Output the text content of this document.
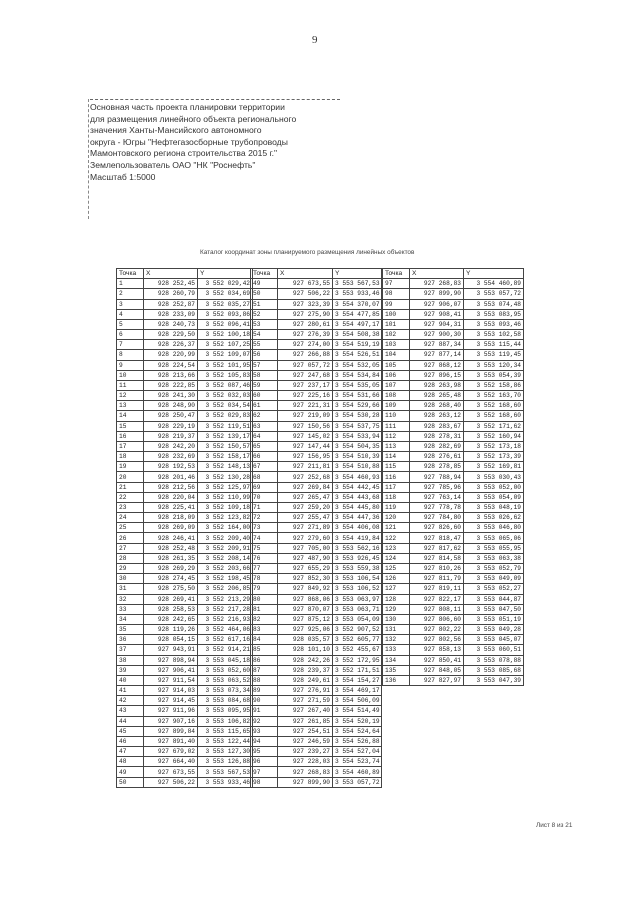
9
Основная часть проекта планировки территории
для размещения линейного объекта регионального
значения Ханты-Мансийского автономного
округа - Югры "Нефтегазосборные трубопроводы
Мамонтовского региона строительства 2015 г."
Землепользователь ОАО "НК "Роснефть"
Масштаб 1:5000
Каталог координат зоны планируемого размещения линейных объектов
Точка	X	Y
1	928 252,45	3 552 029,42
2	928 260,79	3 552 034,69
3	928 252,87	3 552 035,27
4	928 233,09	3 552 093,86
5	928 240,73	3 552 096,41
6	928 229,50	3 552 100,18
7	928 226,37	3 552 107,25
8	928 220,99	3 552 109,07
9	928 224,54	3 552 101,95
10	928 213,66	3 552 105,83
11	928 222,85	3 552 087,46
12	928 241,30	3 552 032,03
13	928 248,90	3 552 034,54
14	928 250,47	3 552 029,83
15	928 229,19	3 552 119,51
16	928 219,37	3 552 139,17
17	928 242,20	3 552 150,57
18	928 232,69	3 552 158,17
19	928 192,53	3 552 148,13
20	928 201,46	3 552 130,28
21	928 212,56	3 552 125,97
22	928 220,04	3 552 110,99
23	928 225,41	3 552 109,18
24	928 218,09	3 552 123,82
25	928 269,09	3 552 164,00
26	928 246,41	3 552 209,40
27	928 252,48	3 552 209,91
28	928 261,35	3 552 208,14
29	928 269,29	3 552 203,66
30	928 274,45	3 552 198,45
31	928 275,50	3 552 206,85
32	928 269,41	3 552 213,29
33	928 258,53	3 552 217,28
34	928 242,65	3 552 216,93
35	928 119,26	3 552 464,06
36	928 054,15	3 552 617,16
37	927 943,91	3 552 914,21
38	927 898,94	3 553 045,18
39	927 906,41	3 553 052,60
40	927 911,54	3 553 063,52
41	927 914,03	3 553 073,34
42	927 914,45	3 553 084,68
43	927 911,96	3 553 095,95
44	927 907,16	3 553 106,82
45	927 899,84	3 553 115,65
46	927 891,40	3 553 122,44
47	927 679,02	3 553 127,30
48	927 664,40	3 553 126,88
49	927 673,55	3 553 567,53
50	927 506,22	3 553 933,46
Точка	X	Y
49	927 673,55	3 553 567,53
50	927 506,22	3 553 933,46
51	927 323,39	3 554 370,07
52	927 275,90	3 554 477,85
53	927 280,61	3 554 497,17
54	927 276,39	3 554 508,38
55	927 274,00	3 554 519,19
56	927 266,88	3 554 526,51
57	927 057,72	3 554 532,05
58	927 247,68	3 554 534,84
59	927 237,17	3 554 535,05
60	927 225,16	3 554 531,66
61	927 221,31	3 554 529,66
62	927 219,09	3 554 530,28
63	927 150,56	3 554 537,75
64	927 145,02	3 554 533,94
65	927 147,44	3 554 504,35
66	927 156,95	3 554 510,39
67	927 211,81	3 554 510,88
68	927 252,68	3 554 460,93
69	927 269,84	3 554 442,45
70	927 265,47	3 554 443,68
71	927 259,20	3 554 445,80
72	927 255,47	3 554 447,36
73	927 271,89	3 554 406,08
74	927 279,60	3 554 419,84
75	927 705,00	3 553 562,16
76	927 487,90	3 553 926,45
77	927 655,29	3 553 559,38
78	927 852,30	3 553 106,54
79	927 849,92	3 553 106,52
80	927 868,06	3 553 063,97
81	927 870,07	3 553 063,71
82	927 875,12	3 553 054,09
83	927 925,06	3 552 907,52
84	928 035,57	3 552 605,77
85	928 101,10	3 552 455,67
86	928 242,26	3 552 172,95
87	928 239,37	3 552 171,51
88	928 249,61	3 554 154,27
89	927 276,91	3 554 469,17
90	927 271,59	3 554 506,09
91	927 267,40	3 554 514,49
92	927 261,85	3 554 520,19
93	927 254,51	3 554 524,64
94	927 246,59	3 554 526,88
95	927 239,27	3 554 527,04
96	927 228,03	3 554 523,74
97	927 268,83	3 554 460,89
98	927 899,90	3 553 057,72
Точка	X	Y
97	927 268,83	3 554 460,89
98	927 899,90	3 553 057,72
99	927 906,07	3 553 074,48
100	927 908,41	3 553 083,95
101	927 904,31	3 553 093,46
102	927 900,30	3 553 102,58
103	927 887,34	3 553 115,44
104	927 877,14	3 553 119,45
105	927 868,12	3 553 120,34
106	927 896,15	3 553 054,39
107	928 263,98	3 552 158,86
108	928 265,48	3 552 163,70
109	928 268,40	3 552 168,60
110	928 263,12	3 552 168,60
111	928 283,67	3 552 171,62
112	928 278,31	3 552 160,94
113	928 282,69	3 552 173,18
114	928 276,61	3 552 173,39
115	928 278,85	3 552 169,81
116	927 788,94	3 553 030,43
117	927 785,96	3 553 052,00
118	927 763,14	3 553 054,09
119	927 778,78	3 553 048,19
120	927 784,80	3 553 026,62
121	927 826,60	3 553 046,80
122	927 818,47	3 553 065,06
123	927 817,62	3 553 055,95
124	927 814,58	3 553 063,38
125	927 810,26	3 553 052,79
126	927 811,79	3 553 049,09
127	927 819,11	3 553 052,27
128	927 822,17	3 553 044,87
129	927 808,11	3 553 047,50
130	927 806,60	3 553 051,19
131	927 802,22	3 553 049,28
132	927 802,56	3 553 045,07
133	927 858,13	3 553 060,51
134	927 850,41	3 553 078,88
135	927 848,05	3 553 085,68
136	927 827,97	3 553 047,39
Лист 8 из 21
